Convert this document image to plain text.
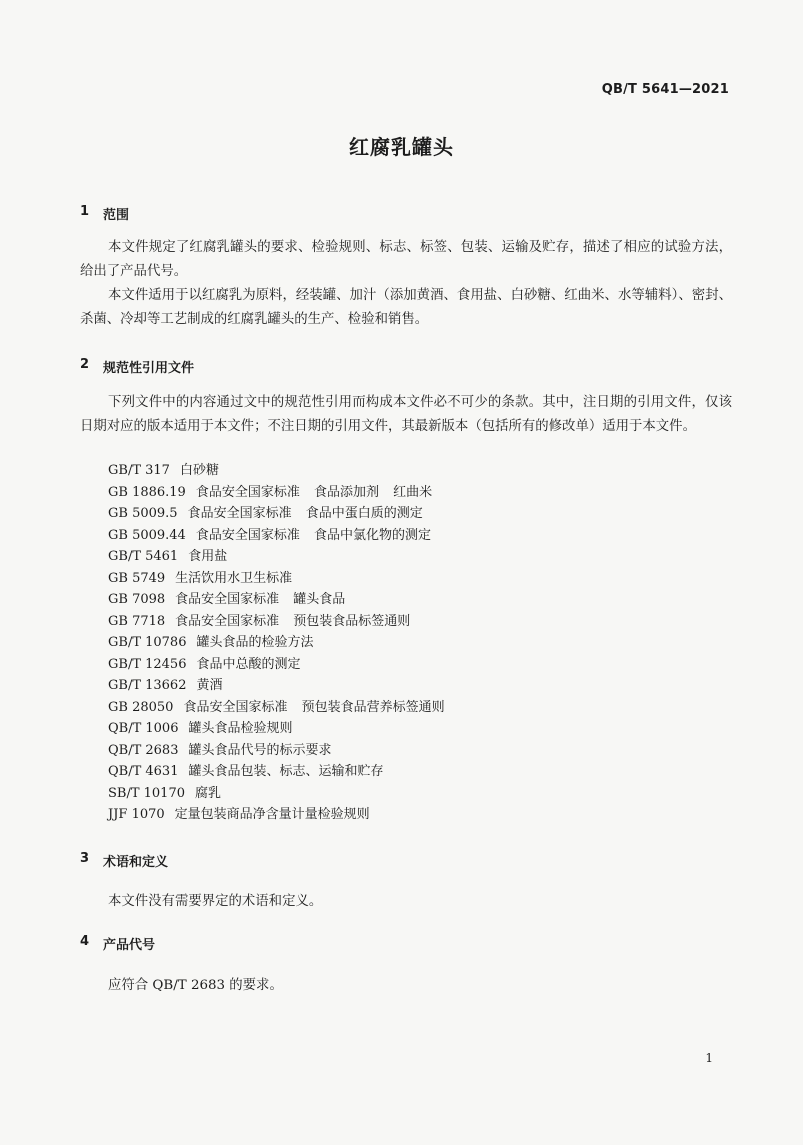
QB/T 5641—2021
红腐乳罐头
1 范围

本文件规定了红腐乳罐头的要求、检验规则、标志、标签、包装、运输及贮存，描述了相应的试验方法，给出了产品代号。

本文件适用于以红腐乳为原料，经装罐、加汁（添加黄酒、食用盐、白砂糖、红曲米、水等辅料）、密封、杀菌、冷却等工艺制成的红腐乳罐头的生产、检验和销售。

2 规范性引用文件

下列文件中的内容通过文中的规范性引用而构成本文件必不可少的条款。其中，注日期的引用文件，仅该日期对应的版本适用于本文件；不注日期的引用文件，其最新版本（包括所有的修改单）适用于本文件。

GB/T 317 白砂糖
GB 1886.19 食品安全国家标准 食品添加剂 红曲米
GB 5009.5 食品安全国家标准 食品中蛋白质的测定
GB 5009.44 食品安全国家标准 食品中氯化物的测定
GB/T 5461 食用盐
GB 5749 生活饮用水卫生标准
GB 7098 食品安全国家标准 罐头食品
GB 7718 食品安全国家标准 预包装食品标签通则
GB/T 10786 罐头食品的检验方法
GB/T 12456 食品中总酸的测定
GB/T 13662 黄酒
GB 28050 食品安全国家标准 预包装食品营养标签通则
QB/T 1006 罐头食品检验规则
QB/T 2683 罐头食品代号的标示要求
QB/T 4631 罐头食品包装、标志、运输和贮存
SB/T 10170 腐乳
JJF 1070 定量包装商品净含量计量检验规则
3 术语和定义

本文件没有需要界定的术语和定义。

4 产品代号

应符合 QB/T 2683 的要求。

1
